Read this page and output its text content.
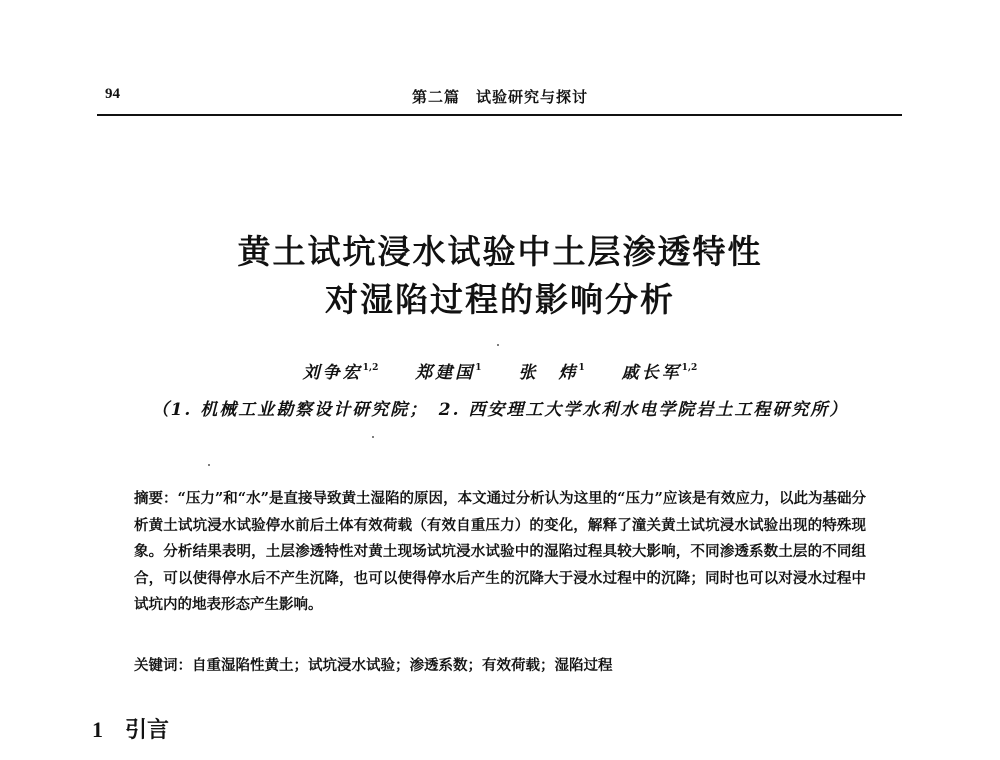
94	第二篇　试验研究与探讨
黄土试坑浸水试验中土层渗透特性
对湿陷过程的影响分析
刘争宏$^{1,2}$ 郑建国$^1$ 张　炜$^1$ 戚长军$^{1,2}$
（1. 机械工业勘察设计研究院；　2. 西安理工大学水利水电学院岩土工程研究所）
摘要：“压力”和“水”是直接导致黄土湿陷的原因，本文通过分析认为这里的“压力”应该是有效应力，以此为基础分析黄土试坑浸水试验停水前后土体有效荷载（有效自重压力）的变化，解释了潼关黄土试坑浸水试验出现的特殊现象。分析结果表明，土层渗透特性对黄土现场试坑浸水试验中的湿陷过程具较大影响，不同渗透系数土层的不同组合，可以使得停水后不产生沉降，也可以使得停水后产生的沉降大于浸水过程中的沉降；同时也可以对浸水过程中试坑内的地表形态产生影响。
关键词：自重湿陷性黄土；试坑浸水试验；渗透系数；有效荷载；湿陷过程
1 引言
